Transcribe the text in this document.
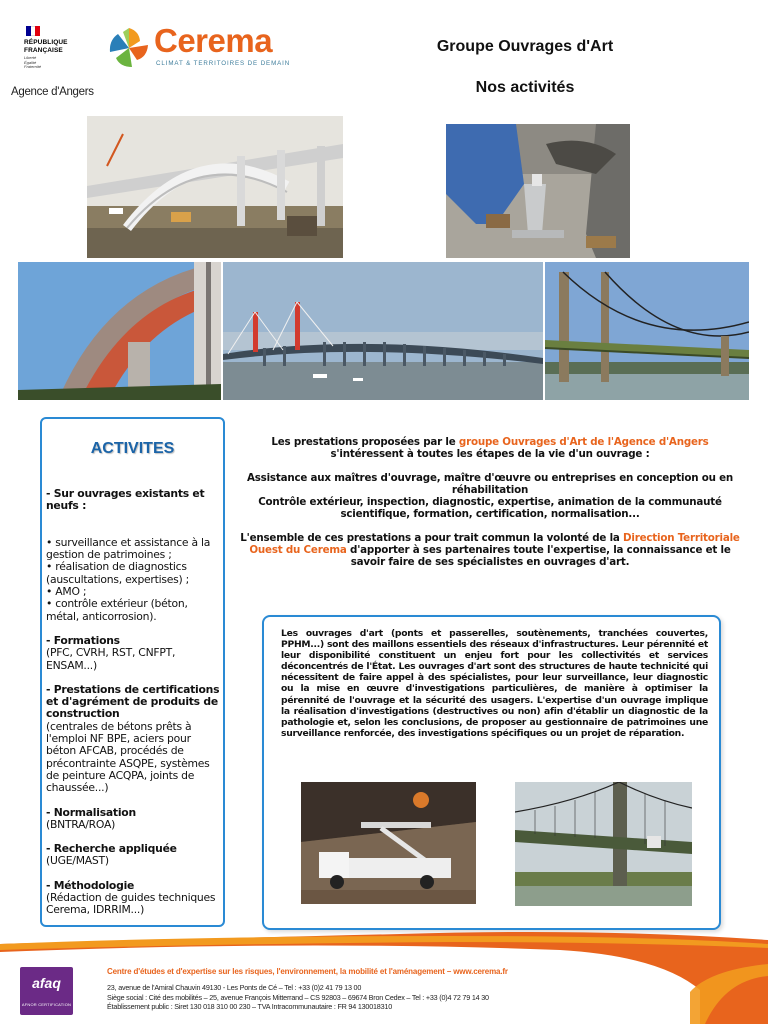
RÉPUBLIQUE
FRANÇAISE
Liberté
Égalité
Fraternité
Cerema
CLIMAT & TERRITOIRES DE DEMAIN
Agence d'Angers
Groupe Ouvrages d'Art
Nos activités
ACTIVITES
- Sur ouvrages existants et neufs :

• surveillance et assistance à la gestion de patrimoines ;
• réalisation de diagnostics (auscultations, expertises) ;
• AMO ;
• contrôle extérieur (béton, métal, anticorrosion).

- Formations
(PFC, CVRH, RST, CNFPT, ENSAM...)
- Prestations de certifications et d'agrément de produits de construction
(centrales de bétons prêts à l'emploi NF BPE, aciers pour béton AFCAB, procédés de précontrainte ASQPE, systèmes de peinture ACQPA, joints de chaussée...)
- Normalisation
(BNTRA/ROA)
- Recherche appliquée
(UGE/MAST)
- Méthodologie
(Rédaction de guides techniques Cerema, IDRRIM...)

Les prestations proposées par le groupe Ouvrages d'Art de l'Agence d'Angers s'intéressent à toutes les étapes de la vie d'un ouvrage :

Assistance aux maîtres d'ouvrage, maître d'œuvre ou entreprises en conception ou en réhabilitation
Contrôle extérieur, inspection, diagnostic, expertise, animation de la communauté scientifique, formation, certification, normalisation...

L'ensemble de ces prestations a pour trait commun la volonté de la Direction Territoriale Ouest du Cerema d'apporter à ses partenaires toute l'expertise, la connaissance et le savoir faire de ses spécialistes en ouvrages d'art.

Les ouvrages d'art (ponts et passerelles, soutènements, tranchées couvertes, PPHM...) sont des maillons essentiels des réseaux d'infrastructures. Leur pérennité et leur disponibilité constituent un enjeu fort pour les collectivités et services déconcentrés de l'État. Les ouvrages d'art sont des structures de haute technicité qui nécessitent de faire appel à des spécialistes, pour leur surveillance, leur diagnostic ou la mise en œuvre d'investigations particulières, de manière à optimiser la pérennité de l'ouvrage et la sécurité des usagers. L'expertise d'un ouvrage implique la réalisation d'investigations (destructives ou non) afin d'établir un diagnostic de la pathologie et, selon les conclusions, de proposer au gestionnaire de patrimoines une surveillance renforcée, des investigations spécifiques ou un projet de réparation.
afaq
AFNOR CERTIFICATION
Centre d'études et d'expertise sur les risques, l'environnement, la mobilité et l'aménagement – www.cerema.fr
23, avenue de l'Amiral Chauvin 49130 - Les Ponts de Cé – Tel : +33 (0)2 41 79 13 00
Siège social : Cité des mobilités – 25, avenue François Mitterrand – CS 92803 – 69674 Bron Cedex – Tel : +33 (0)4 72 79 14 30
Établissement public : Siret 130 018 310 00 230 – TVA Intracommunautaire : FR 94 130018310
